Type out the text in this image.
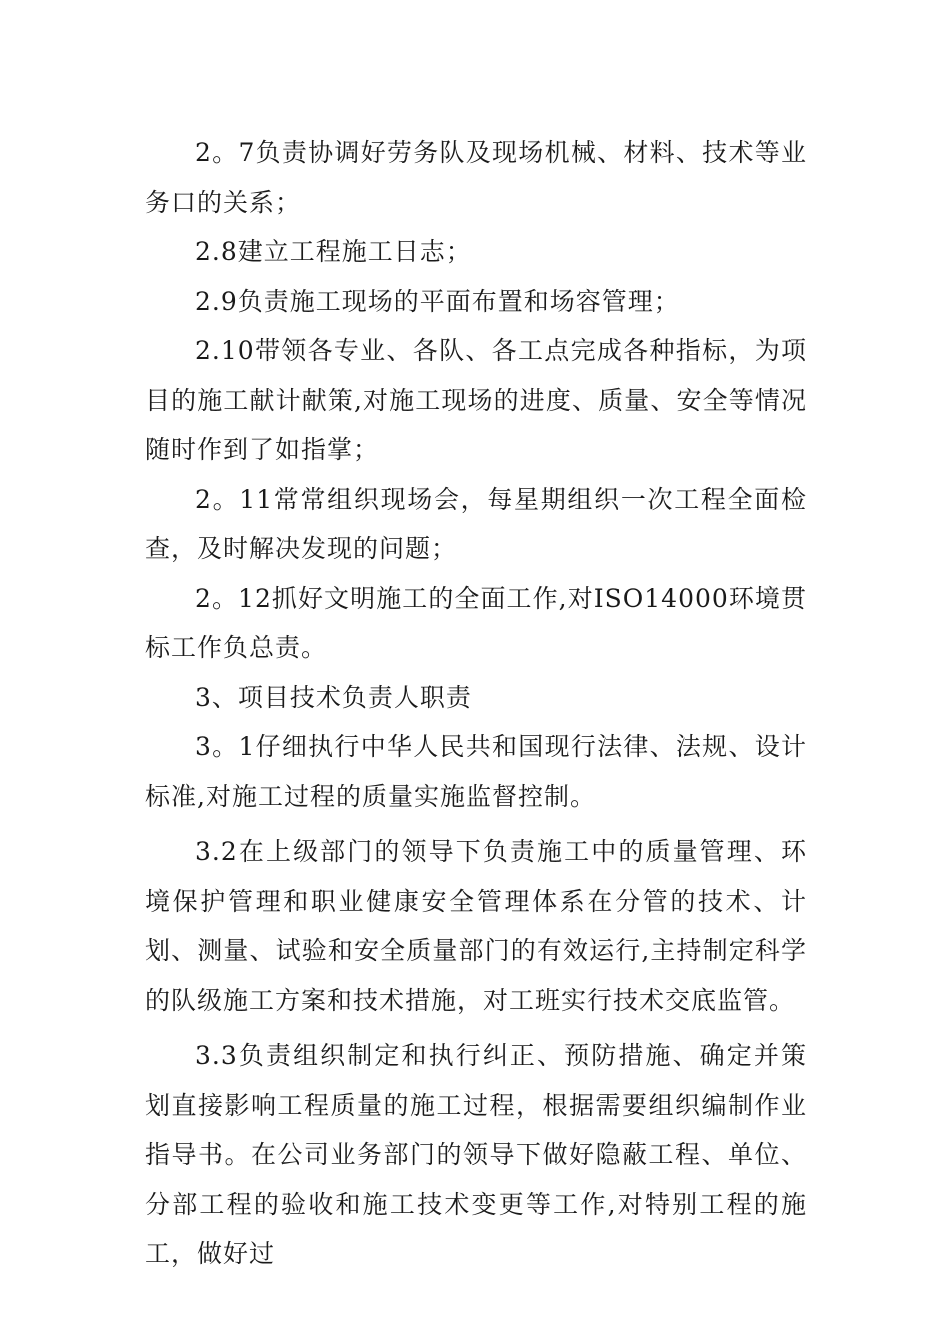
2。7负责协调好劳务队及现场机械、材料、技术等业务口的关系；

2.8建立工程施工日志；

2.9负责施工现场的平面布置和场容管理；

2.10带领各专业、各队、各工点完成各种指标，为项目的施工献计献策,对施工现场的进度、质量、安全等情况随时作到了如指掌；

2。11常常组织现场会，每星期组织一次工程全面检查，及时解决发现的问题；

2。12抓好文明施工的全面工作,对ISO14000环境贯标工作负总责。

3、项目技术负责人职责

3。1仔细执行中华人民共和国现行法律、法规、设计标准,对施工过程的质量实施监督控制。

3.2在上级部门的领导下负责施工中的质量管理、环境保护管理和职业健康安全管理体系在分管的技术、计划、测量、试验和安全质量部门的有效运行,主持制定科学的队级施工方案和技术措施，对工班实行技术交底监管。

3.3负责组织制定和执行纠正、预防措施、确定并策划直接影响工程质量的施工过程，根据需要组织编制作业指导书。在公司业务部门的领导下做好隐蔽工程、单位、分部工程的验收和施工技术变更等工作,对特别工程的施工，做好过
